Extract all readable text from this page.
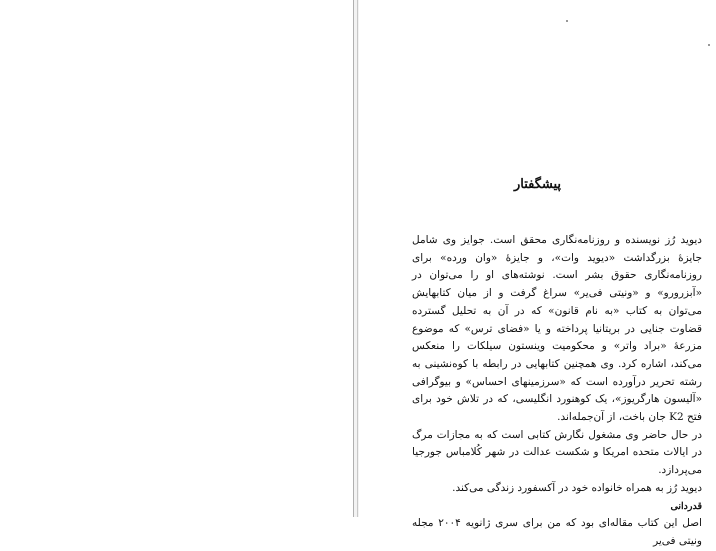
پیشگفتار

دیوید رُز نویسنده و روزنامه‌نگاری محقق است. جوایز وی شامل جایزهٔ بزرگداشت «دیوید وات»، و جایزهٔ «وان ورده» برای روزنامه‌نگاری حقوق بشر است. نوشته‌های او را می‌توان در «آبزرورو» و «ونیتی فی‌یر» سراغ گرفت و از میان کتابهایش می‌توان به کتاب «به نام قانون» که در آن به تحلیل گسترده قضاوت جنایی در بریتانیا پرداخته و یا «فضای ترس» که موضوع مزرعهٔ «براد واتر» و محکومیت وینستون سیلکات را منعکس می‌کند، اشاره کرد. وی همچنین کتابهایی در رابطه با کوه‌نشینی به رشته تحریر درآورده است که «سرزمینهای احساس» و بیوگرافی «آلیسون هارگریوز»، یک کوهنورد انگلیسی، که در تلاش خود برای فتح K2 جان باخت، از آن‌جمله‌اند.

در حال حاضر وی مشغول نگارش کتابی است که به مجازات مرگ در ایالات متحده امریکا و شکست عدالت در شهر کُلامباس جورجیا می‌پردازد.

دیوید رُز به همراه خانواده خود در آکسفورد زندگی می‌کند.

قدردانی

اصل این کتاب مقاله‌ای بود که من برای سری ژانویه ۲۰۰۴ مجله ونیتی فی‌یر
